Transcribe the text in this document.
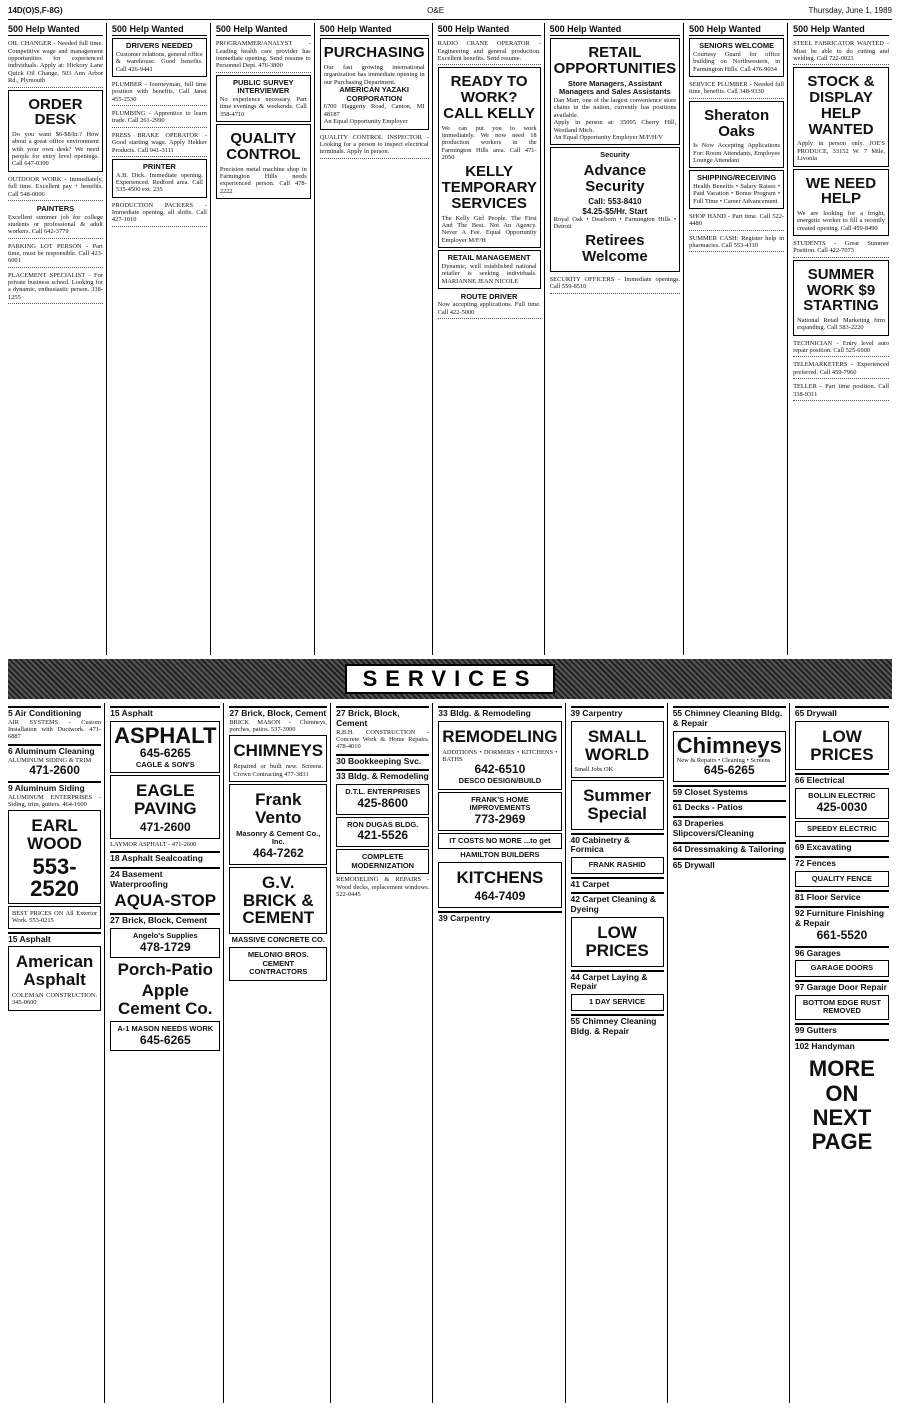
14D(O)S,F-8G)	O&E	Thursday, June 1, 1989
500 Help Wanted
OIL CHANGER - Needed full time. Competitive wage and management opportunities for experienced individuals. Apply at: Hickory Lane Quick Oil Change, 503 Ann Arbor Rd., Plymouth
ORDER DESK
Do you want $6-$8/hr.? How about a great office environment with your own desk? We need people for entry level openings. Call 647-0300
OUTDOOR WORK - Immediately, full time. Excellent pay + benefits. Call 548-0006
PAINTERS
Excellent summer job for college students or professional & adult workers. Call 642-3779
PARKING LOT PERSON - Part time, must be responsible. Call 423-6001
PLACEMENT SPECIALIST - For private business school. Looking for a dynamic, enthusiastic person. 338-1255
500 Help Wanted
DRIVERS NEEDED
Customer relations, general office & warehouse. Good benefits. Call 426-9441
PLUMBER - Journeyman, full time position with benefits. Call Janet 455-2530
PLUMBING - Apprentice to learn trade. Call 261-2990
PRESS BRAKE OPERATOR - Good starting wage. Apply Hekker Products. Call 941-3111
PRINTER
A.B. Dick. Immediate opening. Experienced. Redford area. Call 535-4500 ext. 235
PRODUCTION PACKERS - Immediate opening, all shifts. Call 427-1010
500 Help Wanted
PROGRAMMER/ANALYST - Leading health care provider has immediate opening. Send resume to Personnel Dept. 476-3800
PUBLIC SURVEY INTERVIEWER
No experience necessary. Part time evenings & weekends. Call 358-4710
QUALITY CONTROL
Precision metal machine shop in Farmington Hills needs experienced person. Call 478-2222
500 Help Wanted
PURCHASING
Our fast growing international organization has immediate opening in our Purchasing Department.
AMERICAN YAZAKI CORPORATION
6700 Haggerty Road, Canton, MI 48187
An Equal Opportunity Employer
QUALITY CONTROL INSPECTOR - Looking for a person to inspect electrical terminals. Apply in person.
500 Help Wanted
RADIO CRANE OPERATOR - Engineering and general production. Excellent benefits. Send resume.
READY TO WORK? CALL KELLY
We can put you to work immediately. We now need 18 production workers in the Farmington Hills area. Call 471-2050
KELLY TEMPORARY SERVICES
The Kelly Girl People. The First And The Best. Not An Agency. Never A Fee. Equal Opportunity Employer M/F/H
RETAIL MANAGEMENT
Dynamic, well established national retailer is seeking individuals. MARIANNE JEAN NICOLE
ROUTE DRIVER
Now accepting applications. Full time. Call 422-5000
500 Help Wanted
RETAIL OPPORTUNITIES
Store Managers, Assistant Managers and Sales Assistants
Dan Marr, one of the largest convenience store chains in the nation, currently has positions available.
Apply in person at: 35005 Cherry Hill, Westland Mich.
An Equal Opportunity Employer M/F/H/V
Security
Advance Security
Call: 553-8410
$4.25-$5/Hr. Start
Royal Oak • Dearborn • Farmington Hills • Detroit
Retirees Welcome
SECURITY OFFICERS - Immediate openings. Call 559-8510
500 Help Wanted
SENIORS WELCOME
Courtesy Guard for office building on Northwestern, in Farmington Hills. Call 476-9034
SERVICE PLUMBER - Needed full time, benefits. Call 348-9330
Sheraton Oaks
Is Now Accepting Applications For: Room Attendants, Employee Lounge Attendant
SHIPPING/RECEIVING
Health Benefits • Salary Raises • Paid Vacation • Bonus Program • Full Time • Career Advancement
SHOP HAND - Part time. Call 522-4480
SUMMER CASH: Register help in pharmacies. Call 553-4110
500 Help Wanted
STEEL FABRICATOR WANTED - Must be able to do cutting and welding. Call 722-0023
STOCK & DISPLAY HELP WANTED
Apply in person only. JOE'S PRODUCE, 33152 W. 7 Mile, Livonia
WE NEED HELP
We are looking for a bright, energetic worker to fill a recently created opening. Call 459-8490
STUDENTS - Great Summer Position. Call 422-7073
SUMMER WORK $9 STARTING
National Retail Marketing firm expanding. Call 583-2220
TECHNICIAN - Entry level auto repair position. Call 525-6900
TELEMARKETERS - Experienced preferred. Call 459-7960
TELLER - Part time position. Call 338-9311
SERVICES
5 Air Conditioning
AIR SYSTEMS - Custom Installation with Ductwork. 471-6887
6 Aluminum Cleaning
ALUMINUM SIDING & TRIM
471-2600
9 Aluminum Siding
ALUMINUM ENTERPRISES - Siding, trim, gutters. 464-1600
EARL WOOD
553-2520
BEST PRICES ON All Exterior Work. 553-0215
15 Asphalt
American Asphalt
COLEMAN CONSTRUCTION. 345-0600
15 Asphalt
ASPHALT
645-6265
CAGLE & SON'S
EAGLE PAVING
471-2600
LAYMOR ASPHALT - 471-2600
18 Asphalt Sealcoating
24 Basement Waterproofing
AQUA-STOP
27 Brick, Block, Cement
Angelo's Supplies
478-1729
Porch-Patio
Apple Cement Co.
A-1 MASON NEEDS WORK
645-6265
27 Brick, Block, Cement
BRICK MASON - Chimneys, porches, patios. 537-3900
CHIMNEYS
Repaired or built new. Screens. Crown Contracting 477-3831
Frank Vento
Masonry & Cement Co., Inc.
464-7262
G.V. BRICK & CEMENT
MASSIVE CONCRETE CO.
MELONIO BROS. CEMENT CONTRACTORS
27 Brick, Block, Cement
R.B.H. CONSTRUCTION - Concrete Work & Home Repairs. 478-4010
30 Bookkeeping Svc.
33 Bldg. & Remodeling
D.T.L. ENTERPRISES
425-8600
RON DUGAS BLDG.
421-5526
COMPLETE MODERNIZATION
REMODELING & REPAIRS - Wood decks, replacement windows. 522-0445
33 Bldg. & Remodeling
REMODELING
ADDITIONS • DORMERS • KITCHENS • BATHS
642-6510
DESCO DESIGN/BUILD
FRANK'S HOME IMPROVEMENTS
773-2969
IT COSTS NO MORE ...to get
HAMILTON BUILDERS
KITCHENS
464-7409
39 Carpentry
39 Carpentry
SMALL WORLD
Small Jobs OK
Summer Special
40 Cabinetry & Formica
FRANK RASHID
41 Carpet
42 Carpet Cleaning & Dyeing
LOW PRICES
44 Carpet Laying & Repair
1 DAY SERVICE
55 Chimney Cleaning Bldg. & Repair
55 Chimney Cleaning Bldg. & Repair
Chimneys
New & Repairs • Cleaning • Screens
645-6265
59 Closet Systems
61 Decks - Patios
63 Draperies Slipcovers/Cleaning
64 Dressmaking & Tailoring
65 Drywall
65 Drywall
LOW PRICES
66 Electrical
BOLLIN ELECTRIC
425-0030
SPEEDY ELECTRIC
69 Excavating
72 Fences
QUALITY FENCE
81 Floor Service
92 Furniture Finishing & Repair
661-5520
96 Garages
GARAGE DOORS
97 Garage Door Repair
BOTTOM EDGE RUST REMOVED
99 Gutters
102 Handyman
MORE ON NEXT PAGE
